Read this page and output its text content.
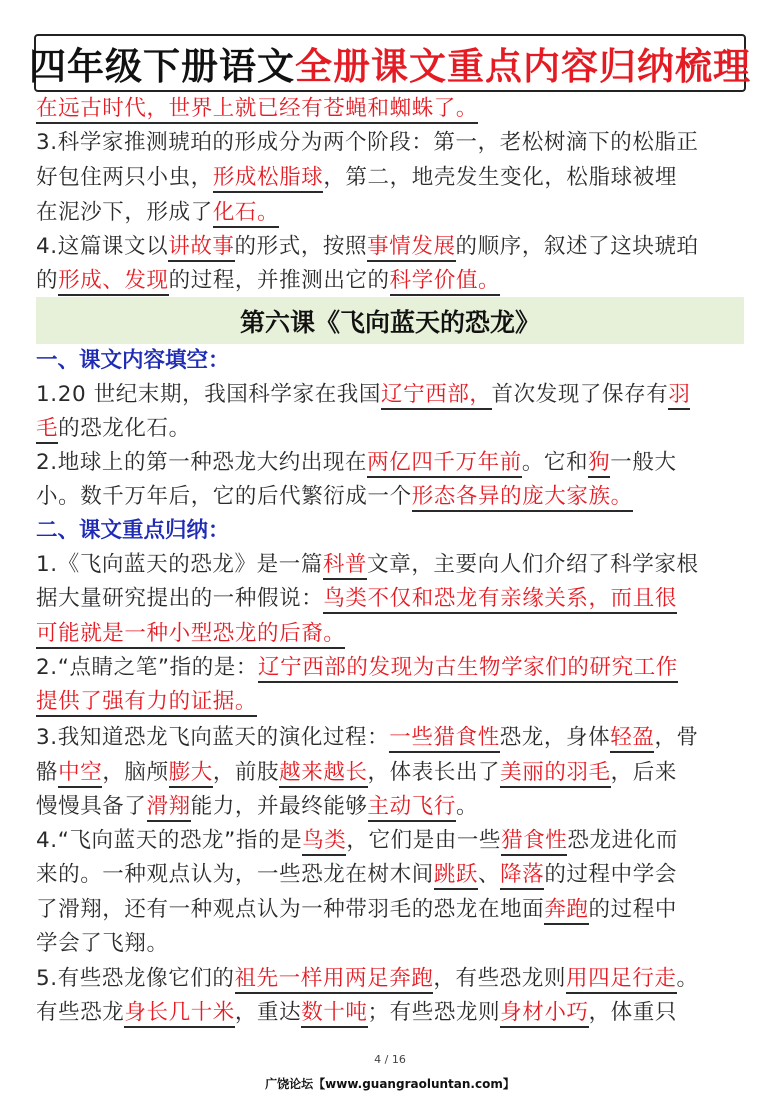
四年级下册语文 全册课文重点内容归纳梳理
在远古时代，世界上就已经有苍蝇和蜘蛛了。
3.科学家推测琥珀的形成分为两个阶段：第一，老松树滴下的松脂正
好包住两只小虫，形成松脂球，第二，地壳发生变化，松脂球被埋
在泥沙下，形成了化石。
4.这篇课文以讲故事的形式，按照事情发展的顺序，叙述了这块琥珀
的形成、发现的过程，并推测出它的科学价值。
第六课《飞向蓝天的恐龙》
一、课文内容填空：
1.20 世纪末期，我国科学家在我国辽宁西部，首次发现了保存有羽
毛的恐龙化石。
2.地球上的第一种恐龙大约出现在两亿四千万年前。它和狗一般大
小。数千万年后，它的后代繁衍成一个形态各异的庞大家族。
二、课文重点归纳：
1.《飞向蓝天的恐龙》是一篇科普文章，主要向人们介绍了科学家根
据大量研究提出的一种假说：鸟类不仅和恐龙有亲缘关系，而且很
可能就是一种小型恐龙的后裔。
2.“点睛之笔”指的是：辽宁西部的发现为古生物学家们的研究工作
提供了强有力的证据。
3.我知道恐龙飞向蓝天的演化过程：一些猎食性恐龙，身体轻盈，骨
骼中空，脑颅膨大，前肢越来越长，体表长出了美丽的羽毛，后来
慢慢具备了滑翔能力，并最终能够主动飞行。
4.“飞向蓝天的恐龙”指的是鸟类，它们是由一些猎食性恐龙进化而
来的。一种观点认为，一些恐龙在树木间跳跃、降落的过程中学会
了滑翔，还有一种观点认为一种带羽毛的恐龙在地面奔跑的过程中
学会了飞翔。
5.有些恐龙像它们的祖先一样用两足奔跑，有些恐龙则用四足行走。
有些恐龙身长几十米，重达数十吨；有些恐龙则身材小巧，体重只
4 / 16
广饶论坛【www.guangraoluntan.com】
